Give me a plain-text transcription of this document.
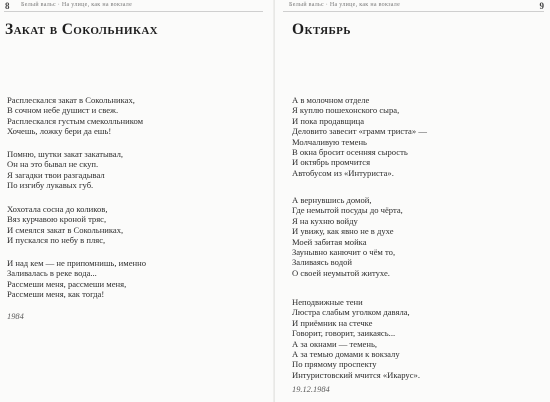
8 Белый вальс · На улице, как на вокзале
Закат в Сокольниках
Расплескался закат в Сокольниках,
В сочном небе душист и свеж.
Расплескался густым смеколльником
Хочешь, ложку бери да ешь!
Помню, шутки закат закатывал,
Он на это бывал не скуп.
Я загадки твои разгадывал
По изгибу лукавых губ.
Хохотала сосна до коликов,
Вяз курчавою кроной тряс,
И смеялся закат в Сокольниках,
И пускался по небу в пляс,
И над кем — не припомнишь, именно
Заливалась в реке вода...
Рассмеши меня, рассмеши меня,
Рассмеши меня, как тогда!
1984
Белый вальс · На улице, как на вокзале	9
Октябрь
А в молочном отделе
Я куплю пошехонского сыра,
И пока продавщица
Деловито завесит «грамм триста» —
Молчаливую темень
В окна бросит осенняя сырость
И октябрь промчится
Автобусом из «Интуриста».
А вернувшись домой,
Где немытой посуды до чёрта,
Я на кухню войду
И увижу, как явно не в духе
Моей забитая мойка
Заунывно канючит о чём то,
Заливаясь водой
О своей неумытой житухе.
Неподвижные тени
Люстра слабым уголком давяла,
И приёмник на стечке
Говорит, говорит, заикаясь...
А за окнами — темень,
А за темью домами к вокзалу
По прямому проспекту
Интуристовский мчится «Икарус».
19.12.1984
